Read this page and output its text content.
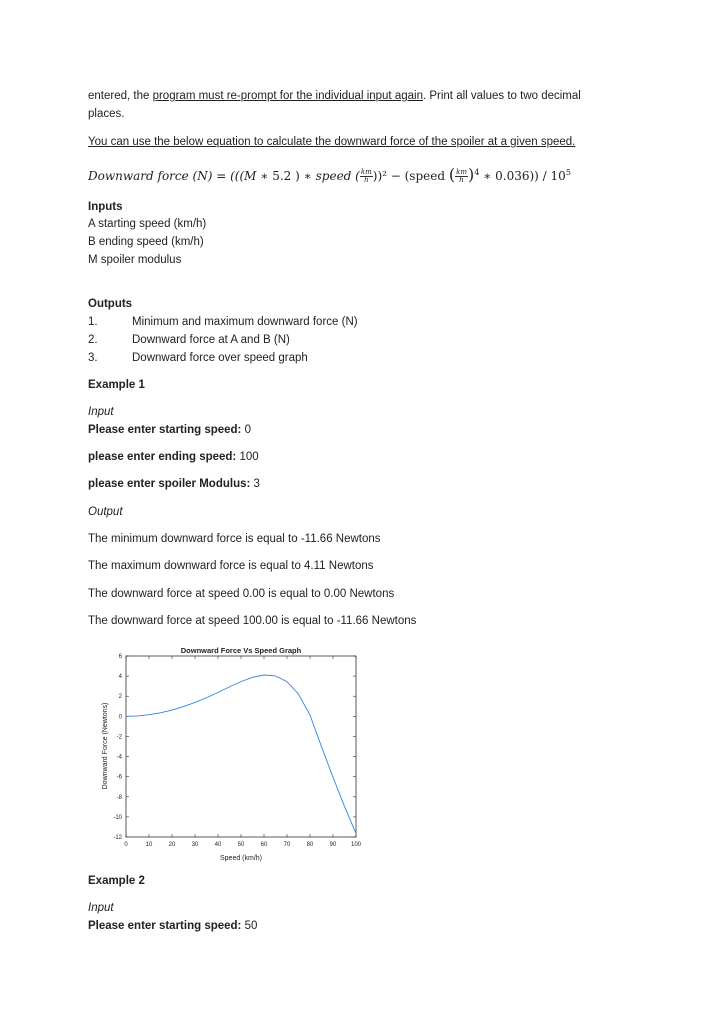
entered, the program must re-prompt for the individual input again. Print all values to two decimal
places.
You can use the below equation to calculate the downward force of the spoiler at a given speed.
Downward force (N) = (((M ∗ 5.2 ) ∗ speed ( $\frac{km}{h} ))^2$ − (speed ( $\frac{km}{h} )^4$ ∗ $0.036)) / 10^5$
Inputs
A starting speed (km/h)
B ending speed (km/h)
M spoiler modulus
Outputs
1.	Minimum and maximum downward force (N)
2.	Downward force at A and B (N)
3.	Downward force over speed graph
Example 1
Input
Please enter starting speed: 0
please enter ending speed: 100
please enter spoiler Modulus: 3
Output
The minimum downward force is equal to -11.66 Newtons
The maximum downward force is equal to 4.11 Newtons
The downward force at speed 0.00 is equal to 0.00 Newtons
The downward force at speed 100.00 is equal to -11.66 Newtons
Downward Force Vs Speed Graph
0	10	20	30	40	50	60	70	80	90 100
-12
-10
-8
-6
-4
-2
0
2
4
6
Speed (km/h)
Downward Force (Newtons)
Example 2
Input
Please enter starting speed: 50
